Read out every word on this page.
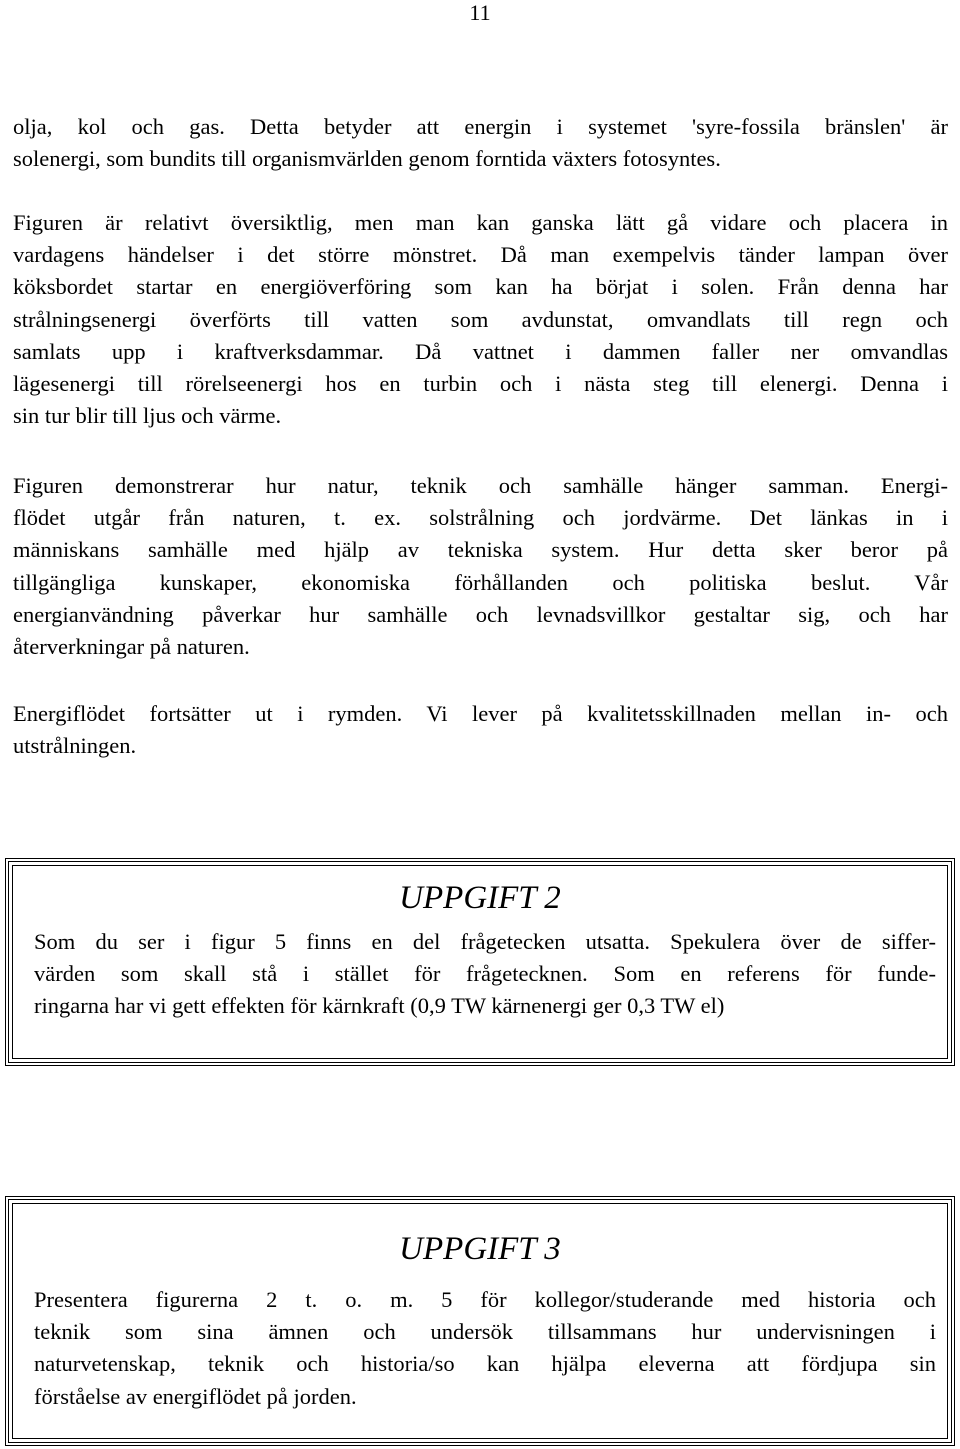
11
olja, kol och gas. Detta betyder att energin i systemet 'syre-fossila bränslen' är
solenergi, som bundits till organismvärlden genom forntida växters fotosyntes.
Figuren är relativt översiktlig, men man kan ganska lätt gå vidare och placera in
vardagens händelser i det större mönstret. Då man exempelvis tänder lampan över
köksbordet startar en energiöverföring som kan ha börjat i solen. Från denna har
strålningsenergi överförts till vatten som avdunstat, omvandlats till regn och
samlats upp i kraftverksdammar. Då vattnet i dammen faller ner omvandlas
lägesenergi till rörelseenergi hos en turbin och i nästa steg till elenergi. Denna i
sin tur blir till ljus och värme.
Figuren demonstrerar hur natur, teknik och samhälle hänger samman. Energi-
flödet utgår från naturen, t. ex. solstrålning och jordvärme. Det länkas in i
människans samhälle med hjälp av tekniska system. Hur detta sker beror på
tillgängliga kunskaper, ekonomiska förhållanden och politiska beslut. Vår
energianvändning påverkar hur samhälle och levnadsvillkor gestaltar sig, och har
återverkningar på naturen.
Energiflödet fortsätter ut i rymden. Vi lever på kvalitetsskillnaden mellan in- och
utstrålningen.
UPPGIFT 2
Som du ser i figur 5 finns en del frågetecken utsatta. Spekulera över de siffer-
värden som skall stå i stället för frågetecknen. Som en referens för funde-
ringarna har vi gett effekten för kärnkraft (0,9 TW kärnenergi ger 0,3 TW el)
UPPGIFT 3
Presentera figurerna 2 t. o. m. 5 för kollegor/studerande med historia och
teknik som sina ämnen och undersök tillsammans hur undervisningen i
naturvetenskap, teknik och historia/so kan hjälpa eleverna att fördjupa sin
förståelse av energiflödet på jorden.
